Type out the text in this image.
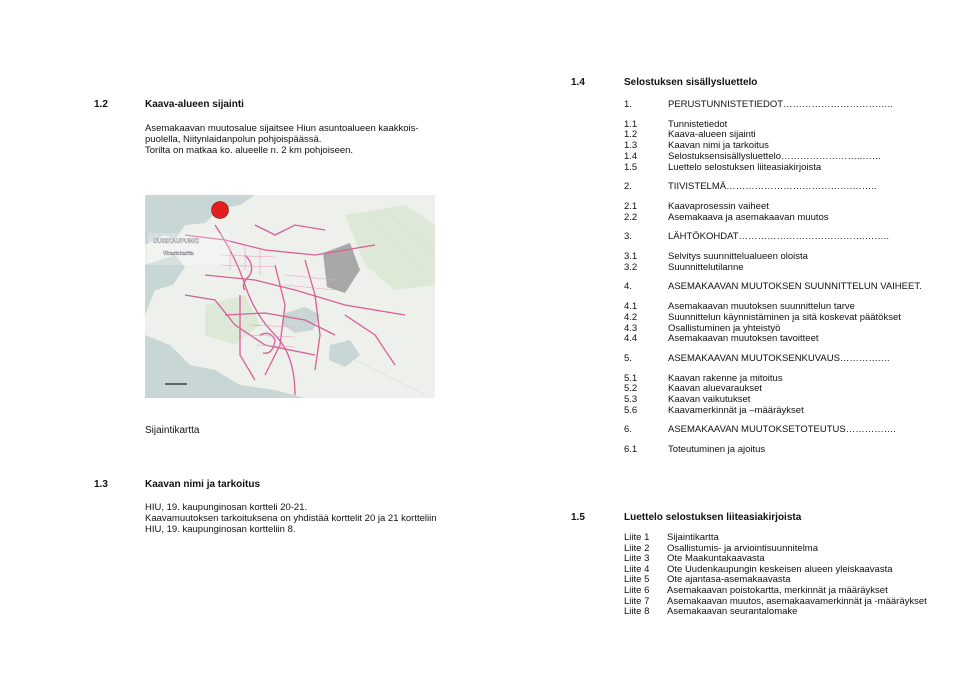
1.2	Kaava-alueen sijainti
Asemakaavan muutosalue sijaitsee Hiun asuntoalueen kaakkois-
puolella, Niitynlaidanpolun pohjoispäässä.
Torilta on matkaa ko. alueelle n. 2 km pohjoiseen.
UUSIKAUPUNKI
Virastokartta
Sijaintikartta
1.3	Kaavan nimi ja tarkoitus
HIU, 19. kaupunginosan kortteli 20-21.
Kaavamuutoksen tarkoituksena on yhdistää korttelit 20 ja 21 kortteliin
HIU, 19. kaupunginosan kortteliin 8.
1.4	Selostuksen sisällysluettelo
1.	PERUSTUNNISTETIEDOT……………………………..
1.1	Tunnistetiedot
1.2	Kaava-alueen sijainti
1.3	Kaavan nimi ja tarkoitus
1.4	Selostuksensisällysluettelo……………………..……
1.5	Luettelo selostuksen liiteasiakirjoista
2.	TIIVISTELMÄ………………………………….……..
2.1	Kaavaprosessin vaiheet
2.2	Asemakaava ja asemakaavan muutos
3.	LÄHTÖKOHDAT………………………………….……..
3.1	Selvitys suunnittelualueen oloista
3.2	Suunnittelutilanne
4.	ASEMAKAAVAN MUUTOKSEN SUUNNITTELUN VAIHEET.
4.1	Asemakaavan muutoksen suunnittelun tarve
4.2	Suunnittelun käynnistäminen ja sitä koskevat päätökset
4.3	Osallistuminen ja yhteistyö
4.4	Asemakaavan muutoksen tavoitteet
5.	ASEMAKAAVAN MUUTOKSENKUVAUS………….…
5.1	Kaavan rakenne ja mitoitus
5.2	Kaavan aluevaraukset
5.3	Kaavan vaikutukset
5.6	Kaavamerkinnät ja –määräykset
6.	ASEMAKAAVAN MUUTOKSETOTEUTUS…………….
6.1	Toteutuminen ja ajoitus
1.5	Luettelo selostuksen liiteasiakirjoista
Liite 1 Sijaintikartta
Liite 2 Osallistumis- ja arviointisuunnitelma
Liite 3 Ote Maakuntakaavasta
Liite 4 Ote Uudenkaupungin keskeisen alueen yleiskaavasta
Liite 5 Ote ajantasa-asemakaavasta
Liite 6 Asemakaavan poistokartta, merkinnät ja määräykset
Liite 7 Asemakaavan muutos, asemakaavamerkinnät ja -määräykset
Liite 8 Asemakaavan seurantalomake
